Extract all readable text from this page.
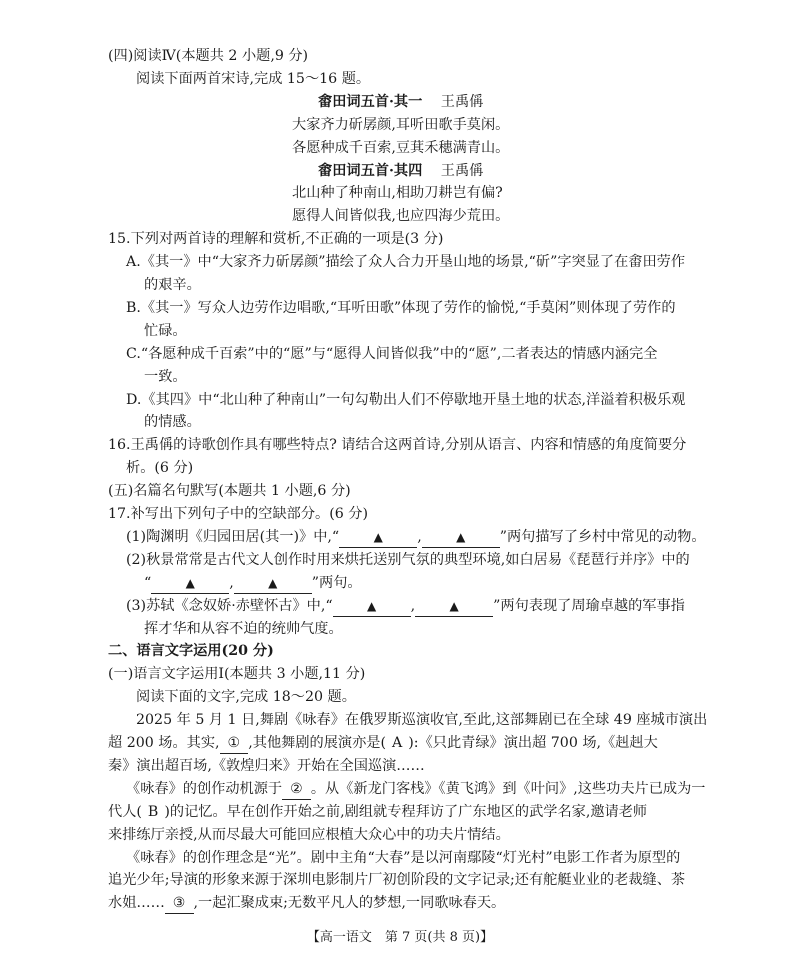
(四)阅读Ⅳ(本题共 2 小题,9 分)
阅读下面两首宋诗,完成 15～16 题。
畬田词五首·其一 王禹偁
大家齐力斫孱颜,耳听田歌手莫闲。
各愿种成千百索,豆萁禾穗满青山。
畬田词五首·其四 王禹偁
北山种了种南山,相助刀耕岂有偏?
愿得人间皆似我,也应四海少荒田。
15.下列对两首诗的理解和赏析,不正确的一项是(3 分)
A.《其一》中“大家齐力斫孱颜”描绘了众人合力开垦山地的场景,“斫”字突显了在畬田劳作
的艰辛。
B.《其一》写众人边劳作边唱歌,“耳听田歌”体现了劳作的愉悦,“手莫闲”则体现了劳作的
忙碌。
C.“各愿种成千百索”中的“愿”与“愿得人间皆似我”中的“愿”,二者表达的情感内涵完全
一致。
D.《其四》中“北山种了种南山”一句勾勒出人们不停歇地开垦土地的状态,洋溢着积极乐观
的情感。
16.王禹偁的诗歌创作具有哪些特点? 请结合这两首诗,分别从语言、内容和情感的角度简要分
析。(6 分)
(五)名篇名句默写(本题共 1 小题,6 分)
17.补写出下列句子中的空缺部分。(6 分)
(1)陶渊明《归园田居(其一)》中,“	▲ ,	▲ ”两句描写了乡村中常见的动物。
(2)秋景常常是古代文人创作时用来烘托送别气氛的典型环境,如白居易《琵琶行并序》中的
“	▲ ,	▲ ”两句。
(3)苏轼《念奴娇·赤壁怀古》中,“	▲ ,	▲ ”两句表现了周瑜卓越的军事指
挥才华和从容不迫的统帅气度。
二、语言文字运用(20 分)
(一)语言文字运用Ⅰ(本题共 3 小题,11 分)
阅读下面的文字,完成 18～20 题。
2025 年 5 月 1 日,舞剧《咏春》在俄罗斯巡演收官,至此,这部舞剧已在全球 49 座城市演出
超 200 场。其实, ① ,其他舞剧的展演亦是( A ):《只此青绿》演出超 700 场,《赳赳大
秦》演出超百场,《敦煌归来》开始在全国巡演……
《咏春》的创作动机源于 ② 。从《新龙门客栈》《黄飞鸿》到《叶问》,这些功夫片已成为一
代人( B )的记忆。早在创作开始之前,剧组就专程拜访了广东地区的武学名家,邀请老师
来排练厅亲授,从而尽最大可能回应根植大众心中的功夫片情结。
《咏春》的创作理念是“光”。剧中主角“大春”是以河南鄢陵“灯光村”电影工作者为原型的
【高一语文　第 7 页(共 8 页)】
追光少年;导演的形象来源于深圳电影制片厂初创阶段的文字记录;还有舵艇业业的老裁缝、茶
水姐…… ③ ,一起汇聚成束;无数平凡人的梦想,一同歌咏春天。
